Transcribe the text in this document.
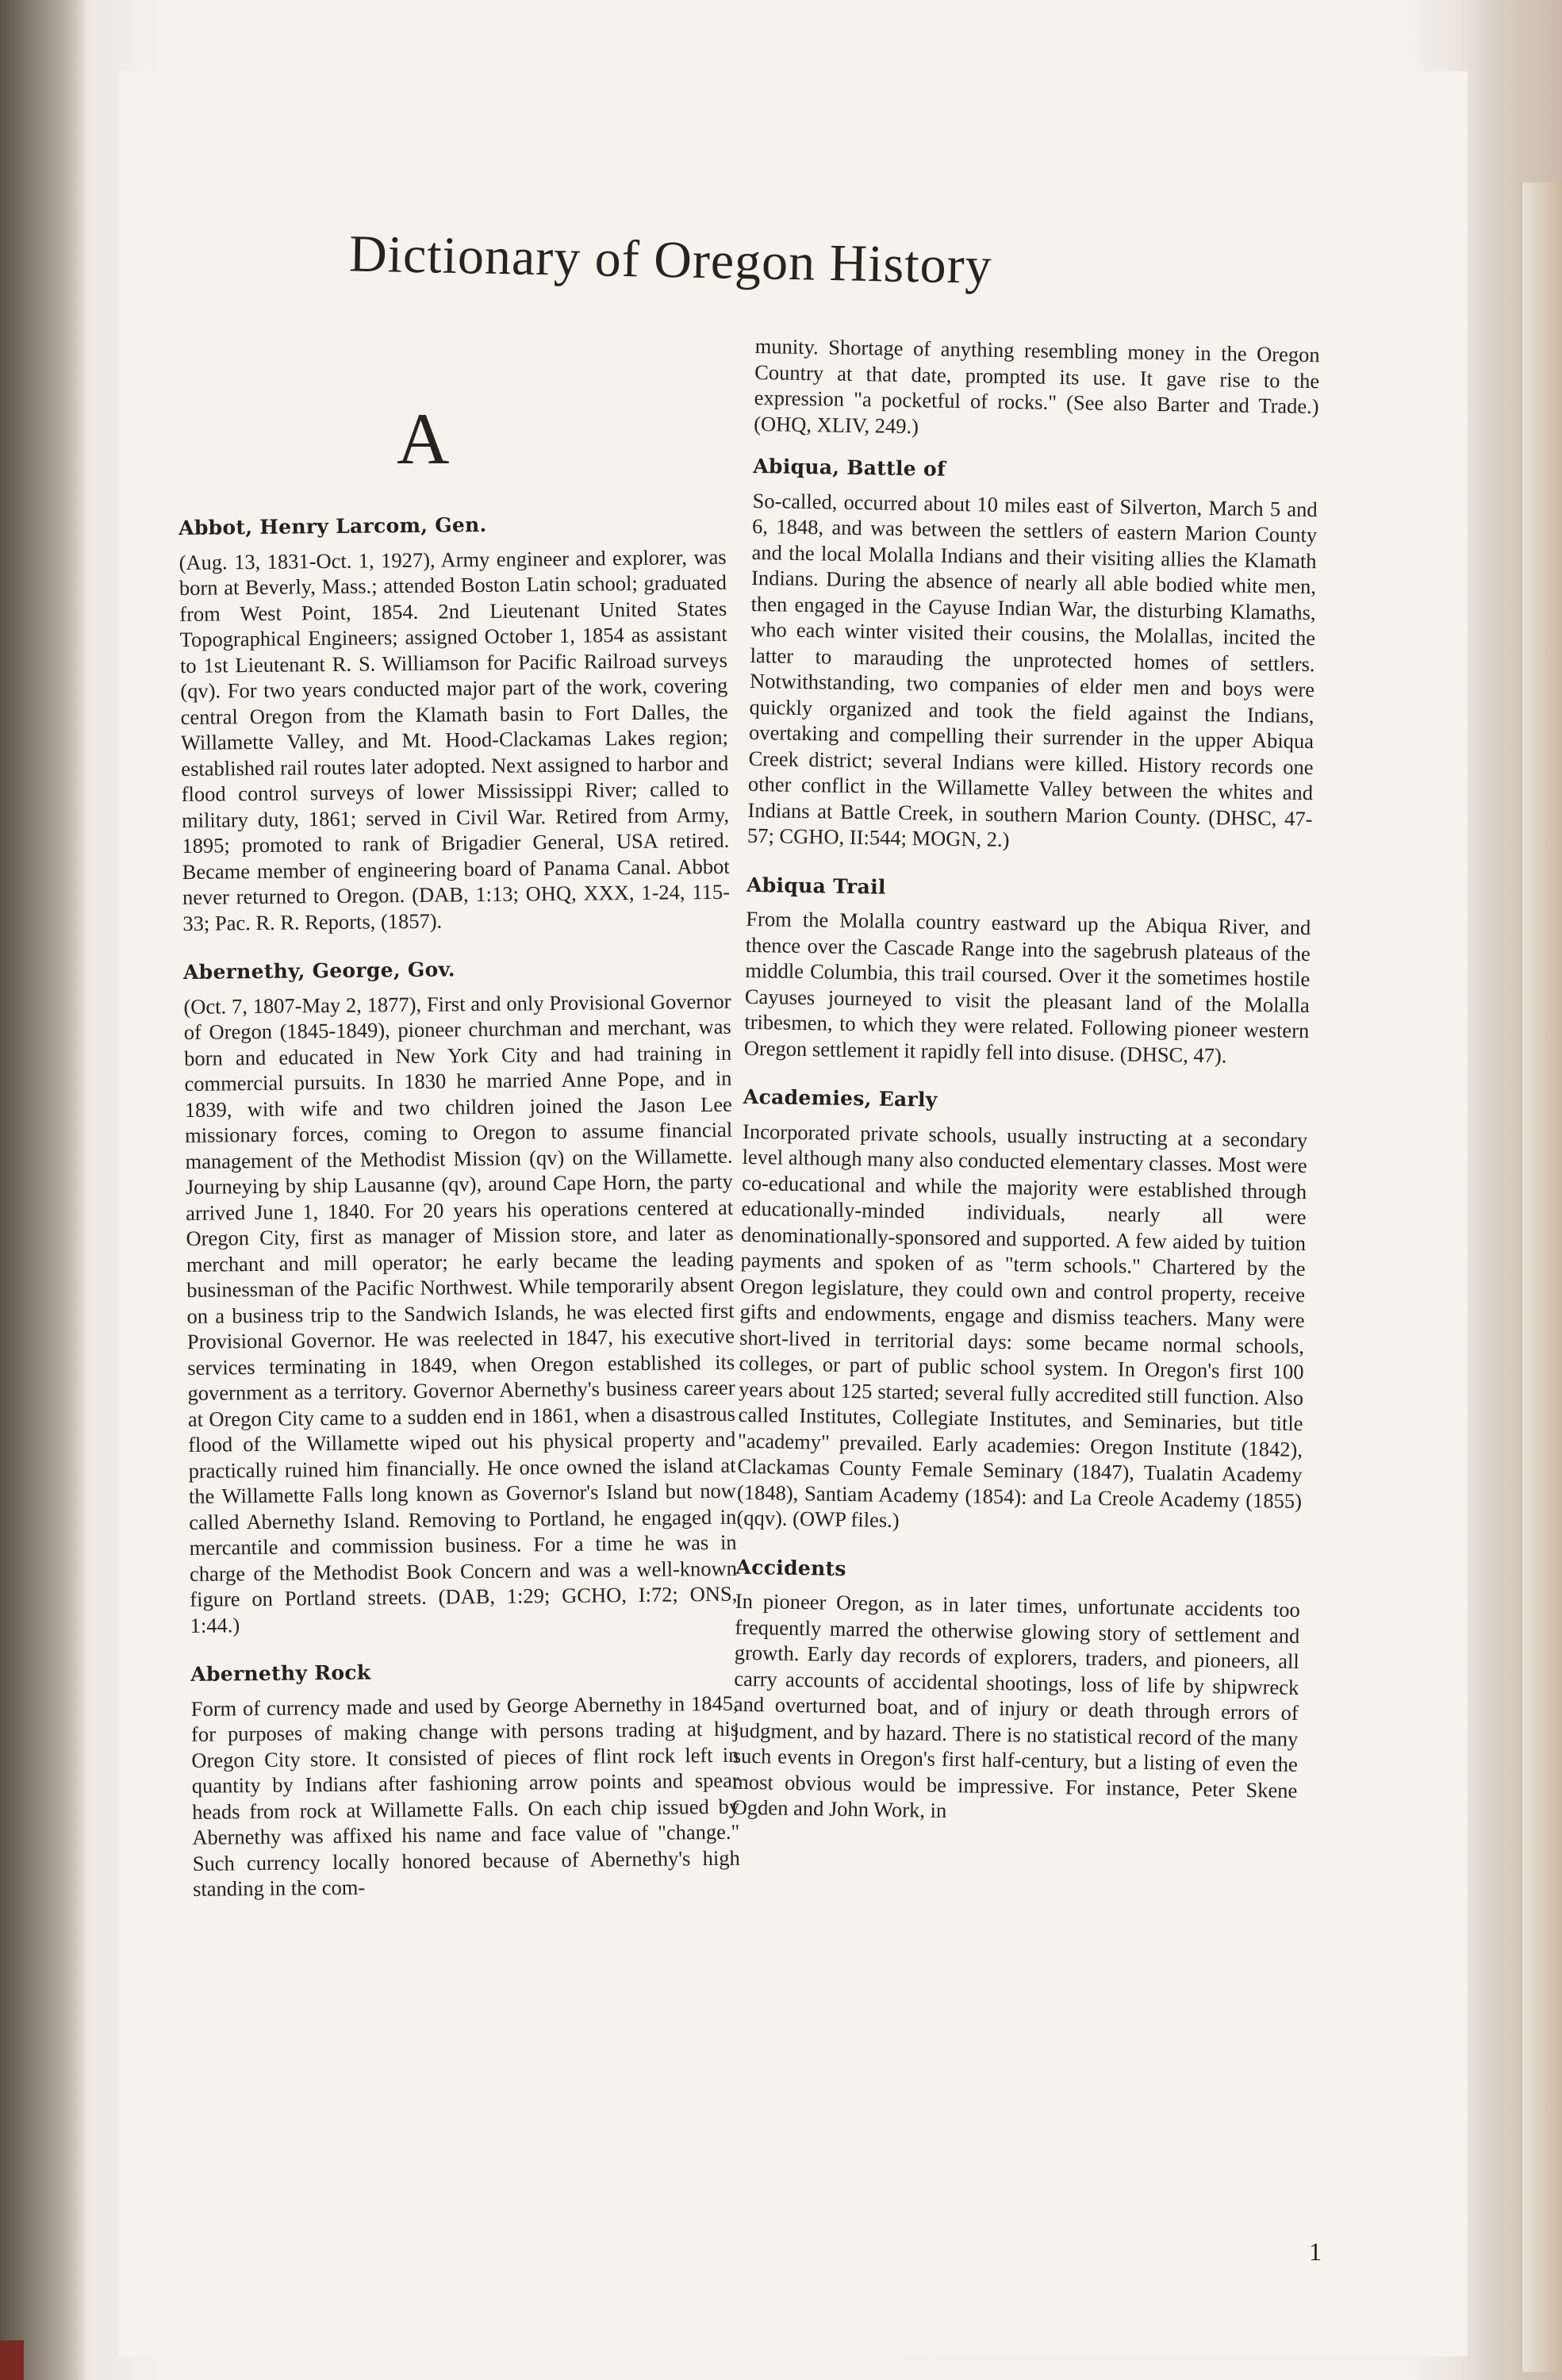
Dictionary of Oregon History
A

Abbot, Henry Larcom, Gen.

(Aug. 13, 1831-Oct. 1, 1927), Army engineer and explorer, was born at Beverly, Mass.; attended Boston Latin school; graduated from West Point, 1854. 2nd Lieutenant United States Topographical Engineers; assigned October 1, 1854 as assistant to 1st Lieutenant R. S. Williamson for Pacific Railroad surveys (qv). For two years conducted major part of the work, covering central Oregon from the Klamath basin to Fort Dalles, the Willamette Valley, and Mt. Hood-Clackamas Lakes region; established rail routes later adopted. Next assigned to harbor and flood control surveys of lower Mississippi River; called to military duty, 1861; served in Civil War. Retired from Army, 1895; promoted to rank of Brigadier General, USA retired. Became member of engineering board of Panama Canal. Abbot never returned to Oregon. (DAB, 1:13; OHQ, XXX, 1-24, 115-33; Pac. R. R. Reports, (1857).

Abernethy, George, Gov.

(Oct. 7, 1807-May 2, 1877), First and only Provisional Governor of Oregon (1845-1849), pioneer churchman and merchant, was born and educated in New York City and had training in commercial pursuits. In 1830 he married Anne Pope, and in 1839, with wife and two children joined the Jason Lee missionary forces, coming to Oregon to assume financial management of the Methodist Mission (qv) on the Willamette. Journeying by ship Lausanne (qv), around Cape Horn, the party arrived June 1, 1840. For 20 years his operations centered at Oregon City, first as manager of Mission store, and later as merchant and mill operator; he early became the leading businessman of the Pacific Northwest. While temporarily absent on a business trip to the Sandwich Islands, he was elected first Provisional Governor. He was reelected in 1847, his executive services terminating in 1849, when Oregon established its government as a territory. Governor Abernethy's business career at Oregon City came to a sudden end in 1861, when a disastrous flood of the Willamette wiped out his physical property and practically ruined him financially. He once owned the island at the Willamette Falls long known as Governor's Island but now called Abernethy Island. Removing to Portland, he engaged in mercantile and commission business. For a time he was in charge of the Methodist Book Concern and was a well-known figure on Portland streets. (DAB, 1:29; GCHO, I:72; ONS, 1:44.)

Abernethy Rock

Form of currency made and used by George Abernethy in 1845, for purposes of making change with persons trading at his Oregon City store. It consisted of pieces of flint rock left in quantity by Indians after fashioning arrow points and spear heads from rock at Willamette Falls. On each chip issued by Abernethy was affixed his name and face value of "change." Such currency locally honored because of Abernethy's high standing in the com-

munity. Shortage of anything resembling money in the Oregon Country at that date, prompted its use. It gave rise to the expression "a pocketful of rocks." (See also Barter and Trade.) (OHQ, XLIV, 249.)

Abiqua, Battle of

So-called, occurred about 10 miles east of Silverton, March 5 and 6, 1848, and was between the settlers of eastern Marion County and the local Molalla Indians and their visiting allies the Klamath Indians. During the absence of nearly all able bodied white men, then engaged in the Cayuse Indian War, the disturbing Klamaths, who each winter visited their cousins, the Molallas, incited the latter to marauding the unprotected homes of settlers. Notwithstanding, two companies of elder men and boys were quickly organized and took the field against the Indians, overtaking and compelling their surrender in the upper Abiqua Creek district; several Indians were killed. History records one other conflict in the Willamette Valley between the whites and Indians at Battle Creek, in southern Marion County. (DHSC, 47-57; CGHO, II:544; MOGN, 2.)

Abiqua Trail

From the Molalla country eastward up the Abiqua River, and thence over the Cascade Range into the sagebrush plateaus of the middle Columbia, this trail coursed. Over it the sometimes hostile Cayuses journeyed to visit the pleasant land of the Molalla tribesmen, to which they were related. Following pioneer western Oregon settlement it rapidly fell into disuse. (DHSC, 47).

Academies, Early

Incorporated private schools, usually instructing at a secondary level although many also conducted elementary classes. Most were co-educational and while the majority were established through educationally-minded individuals, nearly all were denominationally-sponsored and supported. A few aided by tuition payments and spoken of as "term schools." Chartered by the Oregon legislature, they could own and control property, receive gifts and endowments, engage and dismiss teachers. Many were short-lived in territorial days: some became normal schools, colleges, or part of public school system. In Oregon's first 100 years about 125 started; several fully accredited still function. Also called Institutes, Collegiate Institutes, and Seminaries, but title "academy" prevailed. Early academies: Oregon Institute (1842), Clackamas County Female Seminary (1847), Tualatin Academy (1848), Santiam Academy (1854): and La Creole Academy (1855) (qqv). (OWP files.)

Accidents

In pioneer Oregon, as in later times, unfortunate accidents too frequently marred the otherwise glowing story of settlement and growth. Early day records of explorers, traders, and pioneers, all carry accounts of accidental shootings, loss of life by shipwreck and overturned boat, and of injury or death through errors of judgment, and by hazard. There is no statistical record of the many such events in Oregon's first half-century, but a listing of even the most obvious would be impressive. For instance, Peter Skene Ogden and John Work, in

1
